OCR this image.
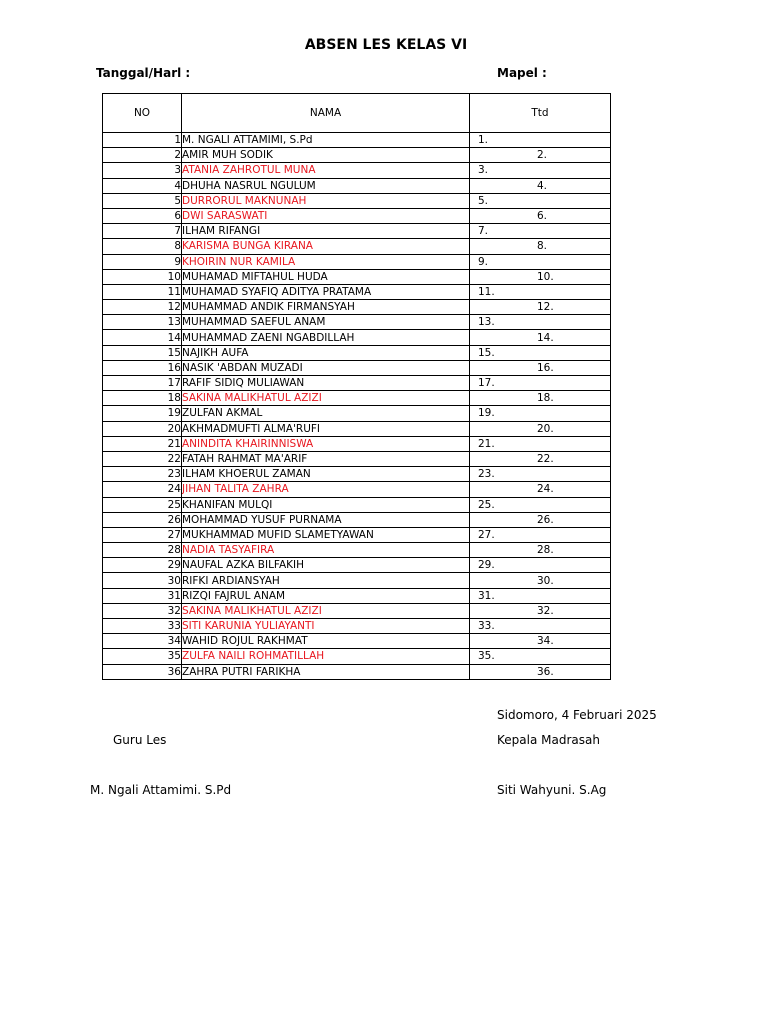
ABSEN LES KELAS VI
Tanggal/Harl :	Mapel :
NO	NAMA	Ttd
1	M. NGALI ATTAMIMI, S.Pd	1.
2	AMIR MUH SODIK	2.
3	ATANIA ZAHROTUL MUNA	3.
4	DHUHA NASRUL NGULUM	4.
5	DURRORUL MAKNUNAH	5.
6	DWI SARASWATI	6.
7	ILHAM RIFANGI	7.
8	KARISMA BUNGA KIRANA	8.
9	KHOIRIN NUR KAMILA	9.
10	MUHAMAD MIFTAHUL HUDA	10.
11	MUHAMAD SYAFIQ ADITYA PRATAMA	11.
12	MUHAMMAD ANDIK FIRMANSYAH	12.
13	MUHAMMAD SAEFUL ANAM	13.
14	MUHAMMAD ZAENI NGABDILLAH	14.
15	NAJIKH AUFA	15.
16	NASIK 'ABDAN MUZADI	16.
17	RAFIF SIDIQ MULIAWAN	17.
18	SAKINA MALIKHATUL AZIZI	18.
19	ZULFAN AKMAL	19.
20	AKHMADMUFTI ALMA'RUFI	20.
21	ANINDITA KHAIRINNISWA	21.
22	FATAH RAHMAT MA'ARIF	22.
23	ILHAM KHOERUL ZAMAN	23.
24	JIHAN TALITA ZAHRA	24.
25	KHANIFAN MULQI	25.
26	MOHAMMAD YUSUF PURNAMA	26.
27	MUKHAMMAD MUFID SLAMETYAWAN	27.
28	NADIA TASYAFIRA	28.
29	NAUFAL AZKA BILFAKIH	29.
30	RIFKI ARDIANSYAH	30.
31	RIZQI FAJRUL ANAM	31.
32	SAKINA MALIKHATUL AZIZI	32.
33	SITI KARUNIA YULIAYANTI	33.
34	WAHID ROJUL RAKHMAT	34.
35	ZULFA NAILI ROHMATILLAH	35.
36	ZAHRA PUTRI FARIKHA	36.
Sidomoro, 4 Februari 2025
Guru Les	Kepala Madrasah
M. Ngali Attamimi. S.Pd	Siti Wahyuni. S.Ag
